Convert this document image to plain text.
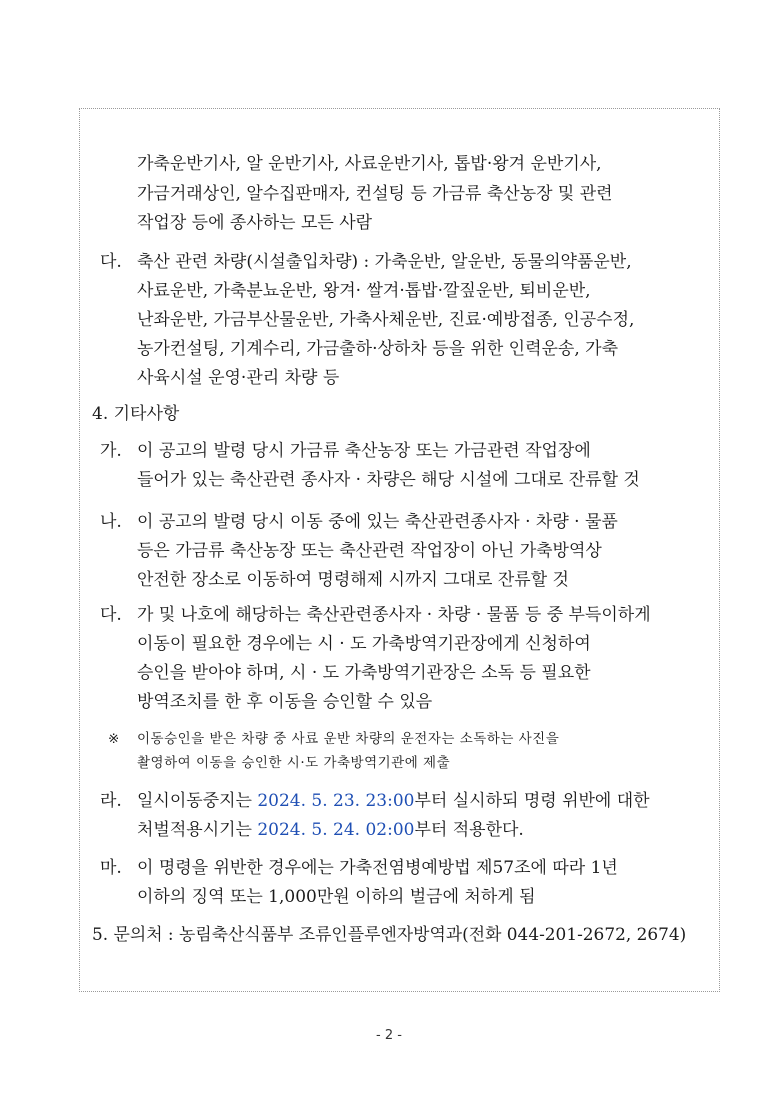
가축운반기사, 알 운반기사, 사료운반기사, 톱밥·왕겨 운반기사,
가금거래상인, 알수집판매자, 컨설팅 등 가금류 축산농장 및 관련
작업장 등에 종사하는 모든 사람
다. 축산 관련 차량(시설출입차량) : 가축운반, 알운반, 동물의약품운반,
사료운반, 가축분뇨운반, 왕겨· 쌀겨·톱밥·깔짚운반, 퇴비운반,
난좌운반, 가금부산물운반, 가축사체운반, 진료·예방접종, 인공수정,
농가컨설팅, 기계수리, 가금출하·상하차 등을 위한 인력운송, 가축
사육시설 운영·관리 차량 등
4. 기타사항
가. 이 공고의 발령 당시 가금류 축산농장 또는 가금관련 작업장에
들어가 있는 축산관련 종사자 · 차량은 해당 시설에 그대로 잔류할 것
나. 이 공고의 발령 당시 이동 중에 있는 축산관련종사자 · 차량 · 물품
등은 가금류 축산농장 또는 축산관련 작업장이 아닌 가축방역상
안전한 장소로 이동하여 명령해제 시까지 그대로 잔류할 것
다. 가 및 나호에 해당하는 축산관련종사자 · 차량 · 물품 등 중 부득이하게
이동이 필요한 경우에는 시 · 도 가축방역기관장에게 신청하여
승인을 받아야 하며, 시 · 도 가축방역기관장은 소독 등 필요한
방역조치를 한 후 이동을 승인할 수 있음
※ 이동승인을 받은 차량 중 사료 운반 차량의 운전자는 소독하는 사진을
촬영하여 이동을 승인한 시·도 가축방역기관에 제출
라. 일시이동중지는 2024. 5. 23. 23:00부터 실시하되 명령 위반에 대한
처벌적용시기는 2024. 5. 24. 02:00부터 적용한다.
마. 이 명령을 위반한 경우에는 가축전염병예방법 제57조에 따라 1년
이하의 징역 또는 1,000만원 이하의 벌금에 처하게 됨
5. 문의처 : 농림축산식품부 조류인플루엔자방역과(전화 044-201-2672, 2674)
- 2 -
